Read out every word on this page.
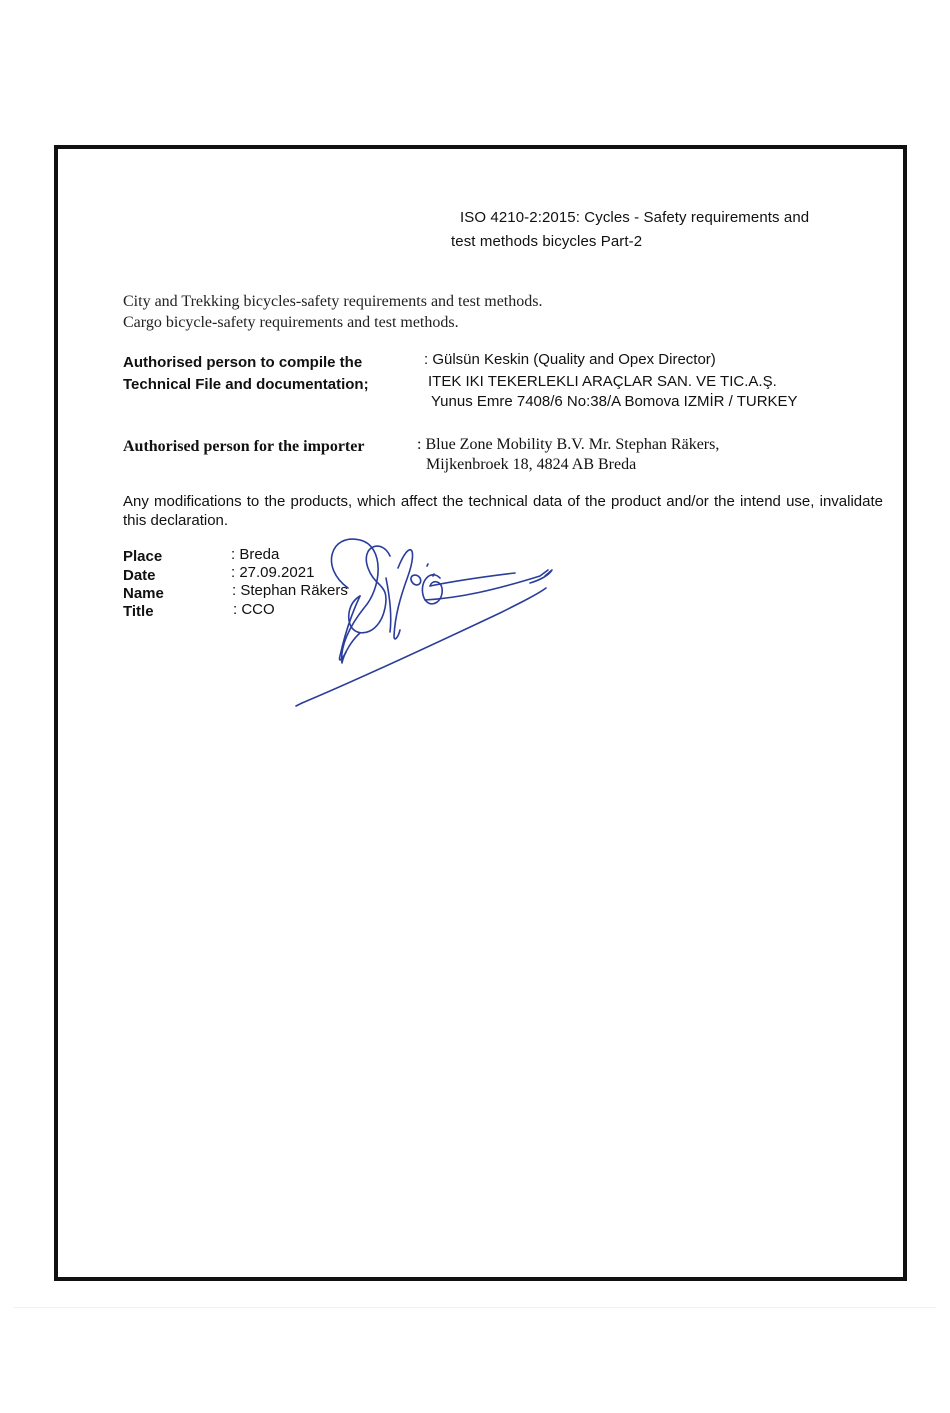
ISO 4210-2:2015: Cycles - Safety requirements and
test methods bicycles Part-2
City and Trekking bicycles-safety requirements and test methods.
Cargo bicycle-safety requirements and test methods.
Authorised person to compile the
Technical File and documentation;
: Gülsün Keskin (Quality and Opex Director)
ITEK IKI TEKERLEKLI ARAÇLAR SAN. VE TIC.A.Ş.
Yunus Emre 7408/6 No:38/A Bomova IZMİR / TURKEY
Authorised person for the importer	: Blue Zone Mobility B.V. Mr. Stephan Räkers,
Mijkenbroek 18, 4824 AB Breda
Any modifications to the products, which affect the technical data of the product and/or the intend use, invalidate this declaration.
Place	: Breda
Date	: 27.09.2021
Name	: Stephan Räkers
Title	: CCO
